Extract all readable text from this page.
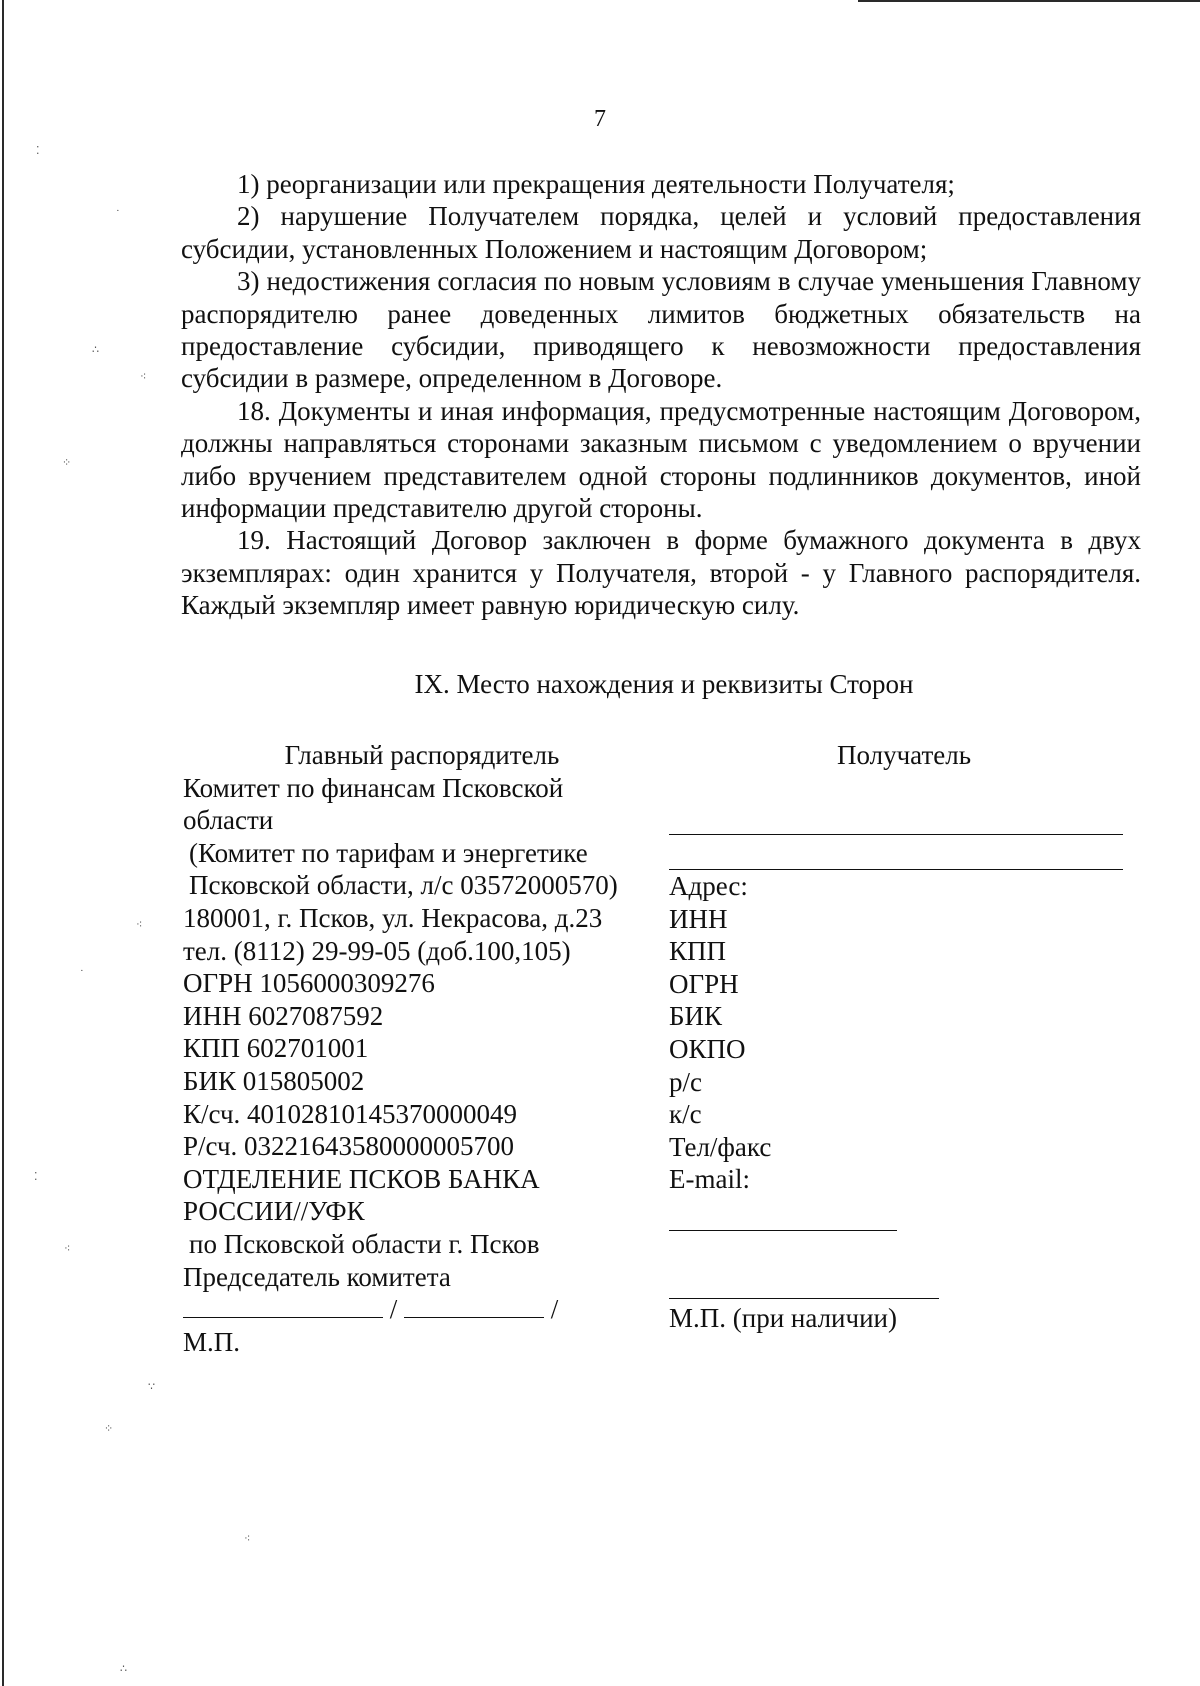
7

1) реорганизации или прекращения деятельности Получателя;

2) нарушение Получателем порядка, целей и условий предоставления субсидии, установленных Положением и настоящим Договором;

3) недостижения согласия по новым условиям в случае уменьшения Главному распорядителю ранее доведенных лимитов бюджетных обязательств на предоставление субсидии, приводящего к невозможности предоставления субсидии в размере, определенном в Договоре.

18. Документы и иная информация, предусмотренные настоящим Договором, должны направляться сторонами заказным письмом с уведомлением о вручении либо вручением представителем одной стороны подлинников документов, иной информации представителю другой стороны.

19. Настоящий Договор заключен в форме бумажного документа в двух экземплярах: один хранится у Получателя, второй - у Главного распорядителя. Каждый экземпляр имеет равную юридическую силу.

IX. Место нахождения и реквизиты Сторон
Главный распорядитель
Комитет по финансам Псковской
области
(Комитет по тарифам и энергетике
Псковской области, л/с 03572000570)
180001, г. Псков, ул. Некрасова, д.23
тел. (8112) 29-99-05 (доб.100,105)
ОГРН 1056000309276
ИНН 6027087592
КПП 602701001
БИК 015805002
К/сч. 40102810145370000049
Р/сч. 03221643580000005700
ОТДЕЛЕНИЕ ПСКОВ БАНКА
РОССИИ//УФК
по Псковской области г. Псков
Председатель комитета
/	/
М.П.
Получатель
Адрес:
ИНН
КПП
ОГРН
БИК
ОКПО
р/с
к/с
Тел/факс
E-mail:
М.П. (при наличии)
⁚
·
∴
⁖
⁘
⁖
·
⁚
⁖
∵
⁘
⁖
∴
